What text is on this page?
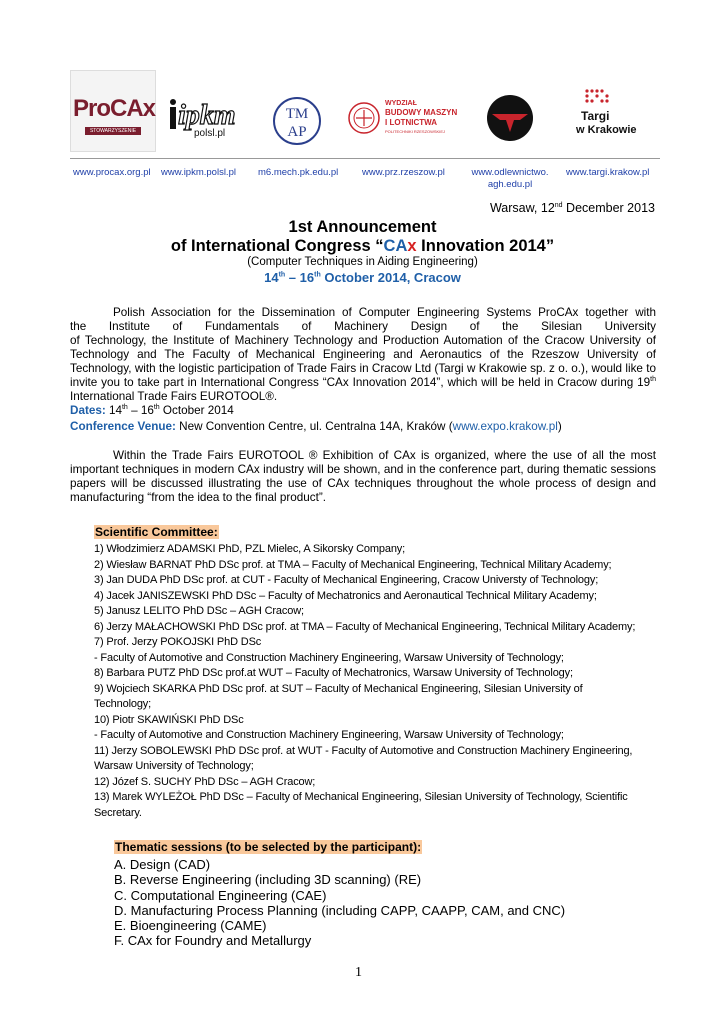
ProCAx
STOWARZYSZENIE ipkm
polsl.pl
TM
AP
WYDZIAŁ
BUDOWY MASZYN
I LOTNICTWA
POLITECHNIKI RZESZOWSKIEJ
Targi
w Krakowie
www.procax.org.pl www.ipkm.polsl.pl m6.mech.pk.edu.pl www.prz.rzeszow.pl	www.odlewnictwo.
agh.edu.pl
www.targi.krakow.pl
Warsaw, 12nd December 2013
1st Announcement
of International Congress “CAx Innovation 2014”
(Computer Techniques in Aiding Engineering)
14th – 16th October 2014, Cracow
Polish Association for the Dissemination of Computer Engineering Systems ProCAx together with
the Institute of Fundamentals of Machinery Design of the Silesian University
of Technology, the Institute of Machinery Technology and Production Automation of the Cracow University of Technology and The Faculty of Mechanical Engineering and Aeronautics of the Rzeszow University of Technology, with the logistic participation of Trade Fairs in Cracow Ltd (Targi w Krakowie sp. z o. o.), would like to invite you to take part in International Congress “CAx Innovation 2014”, which will be held in Cracow during 19th International Trade Fairs EUROTOOL®.
Dates: 14th – 16th October 2014
Conference Venue: New Convention Centre, ul. Centralna 14A, Kraków (www.expo.krakow.pl)
Within the Trade Fairs EUROTOOL ® Exhibition of CAx is organized, where the use of all the most
important techniques in modern CAx industry will be shown, and in the conference part, during thematic sessions papers will be discussed illustrating the use of CAx techniques throughout the whole process of design and manufacturing “from the idea to the final product”.
Scientific Committee:
1) Włodzimierz ADAMSKI PhD, PZL Mielec, A Sikorsky Company;
2) Wiesław BARNAT PhD DSc prof. at TMA – Faculty of Mechanical Engineering, Technical Military Academy;
3) Jan DUDA PhD DSc prof. at CUT - Faculty of Mechanical Engineering, Cracow Universty of Technology;
4) Jacek JANISZEWSKI PhD DSc – Faculty of Mechatronics and Aeronautical Technical Military Academy;
5) Janusz LELITO PhD DSc – AGH Cracow;
6) Jerzy MAŁACHOWSKI PhD DSc prof. at TMA – Faculty of Mechanical Engineering, Technical Military Academy;
7) Prof. Jerzy POKOJSKI PhD DSc
- Faculty of Automotive and Construction Machinery Engineering, Warsaw University of Technology;
8) Barbara PUTZ PhD DSc prof.at WUT – Faculty of Mechatronics, Warsaw University of Technology;
9) Wojciech SKARKA PhD DSc prof. at SUT – Faculty of Mechanical Engineering, Silesian University of
Technology;
10) Piotr SKAWIŃSKI PhD DSc
- Faculty of Automotive and Construction Machinery Engineering, Warsaw University of Technology;
11) Jerzy SOBOLEWSKI PhD DSc prof. at WUT - Faculty of Automotive and Construction Machinery Engineering,
Warsaw University of Technology;
12) Józef S. SUCHY PhD DSc – AGH Cracow;
13) Marek WYLEŻOŁ PhD DSc – Faculty of Mechanical Engineering, Silesian University of Technology, Scientific
Secretary.
Thematic sessions (to be selected by the participant):
A. Design (CAD)
B. Reverse Engineering (including 3D scanning) (RE)
C. Computational Engineering (CAE)
D. Manufacturing Process Planning (including CAPP, CAAPP, CAM, and CNC)
E. Bioengineering (CAME)
F. CAx for Foundry and Metallurgy
1
